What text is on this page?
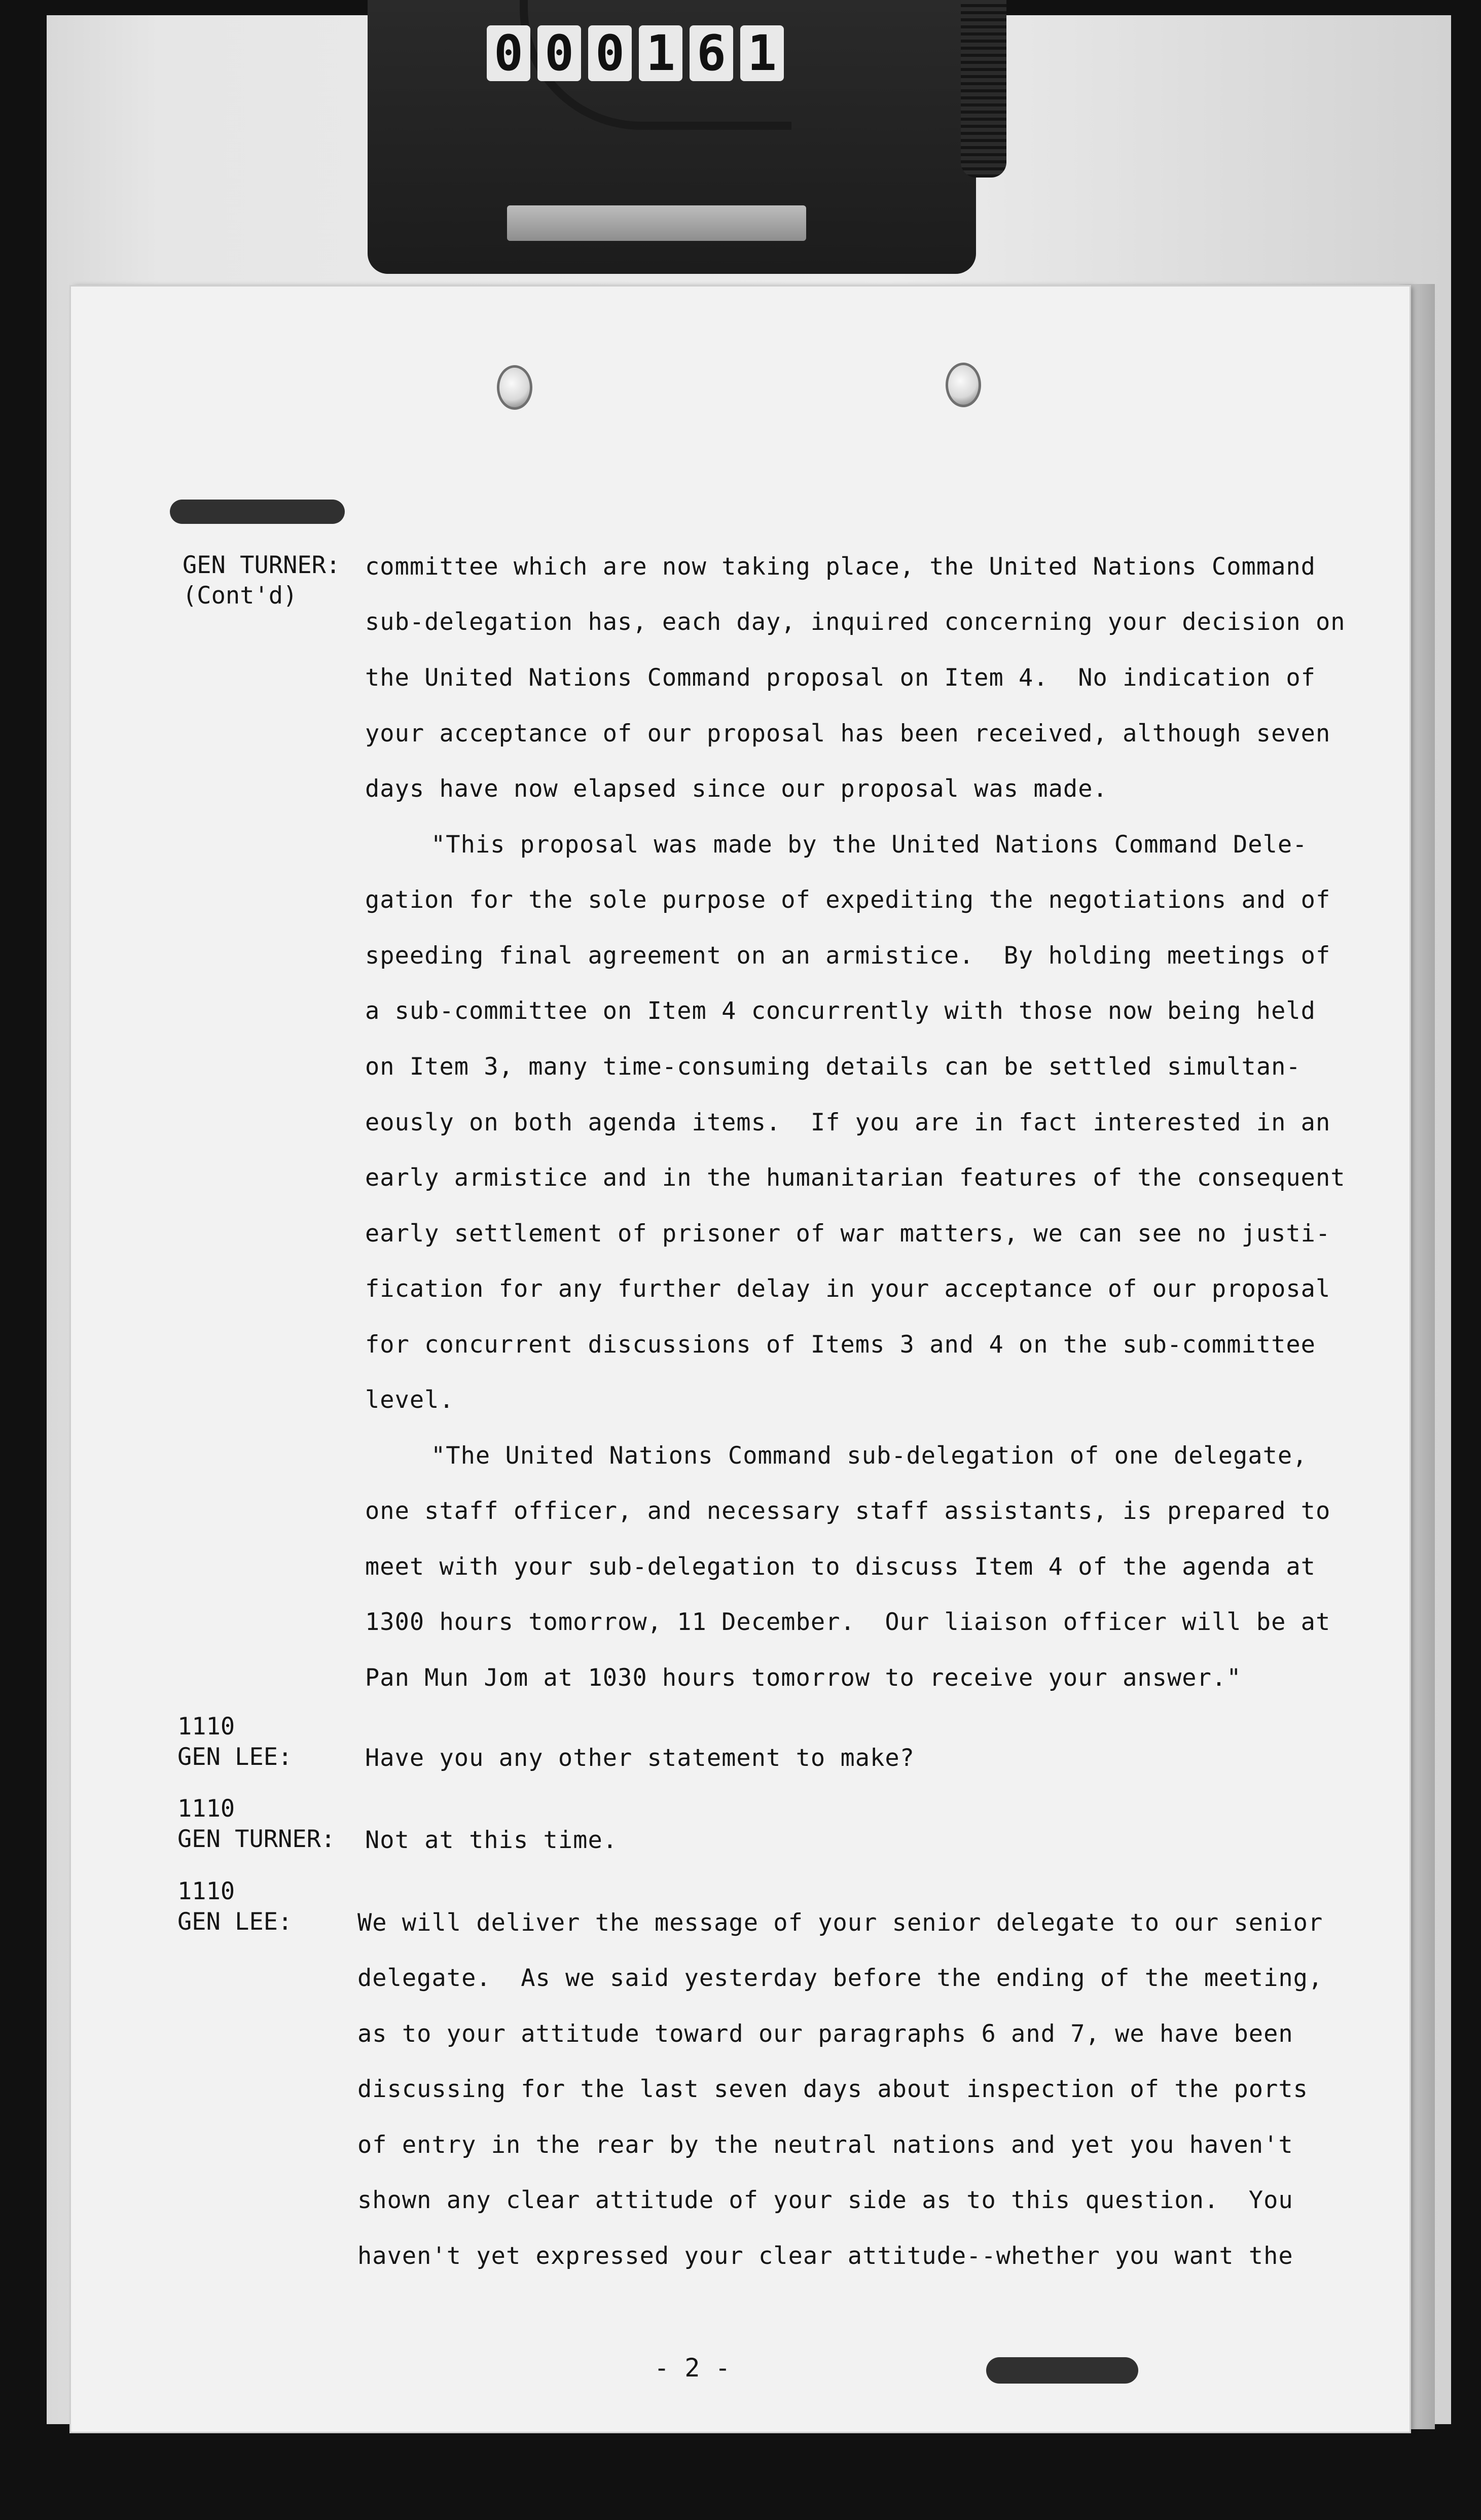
0 0 0 1 6 1
GEN TURNER:
(Cont'd)
1110
GEN LEE:
1110
GEN TURNER:
1110
GEN LEE:
committee which are now taking place, the United Nations Command
sub-delegation has, each day, inquired concerning your decision on
the United Nations Command proposal on Item 4.  No indication of
your acceptance of our proposal has been received, although seven
days have now elapsed since our proposal was made.
"This proposal was made by the United Nations Command Dele-
gation for the sole purpose of expediting the negotiations and of
speeding final agreement on an armistice.  By holding meetings of
a sub-committee on Item 4 concurrently with those now being held
on Item 3, many time-consuming details can be settled simultan-
eously on both agenda items.  If you are in fact interested in an
early armistice and in the humanitarian features of the consequent
early settlement of prisoner of war matters, we can see no justi-
fication for any further delay in your acceptance of our proposal
for concurrent discussions of Items 3 and 4 on the sub-committee
level.
"The United Nations Command sub-delegation of one delegate,
one staff officer, and necessary staff assistants, is prepared to
meet with your sub-delegation to discuss Item 4 of the agenda at
1300 hours tomorrow, 11 December.  Our liaison officer will be at
Pan Mun Jom at 1030 hours tomorrow to receive your answer."
Have you any other statement to make?
Not at this time.
We will deliver the message of your senior delegate to our senior
delegate.  As we said yesterday before the ending of the meeting,
as to your attitude toward our paragraphs 6 and 7, we have been
discussing for the last seven days about inspection of the ports
of entry in the rear by the neutral nations and yet you haven't
shown any clear attitude of your side as to this question.  You
haven't yet expressed your clear attitude--whether you want the
- 2 -
